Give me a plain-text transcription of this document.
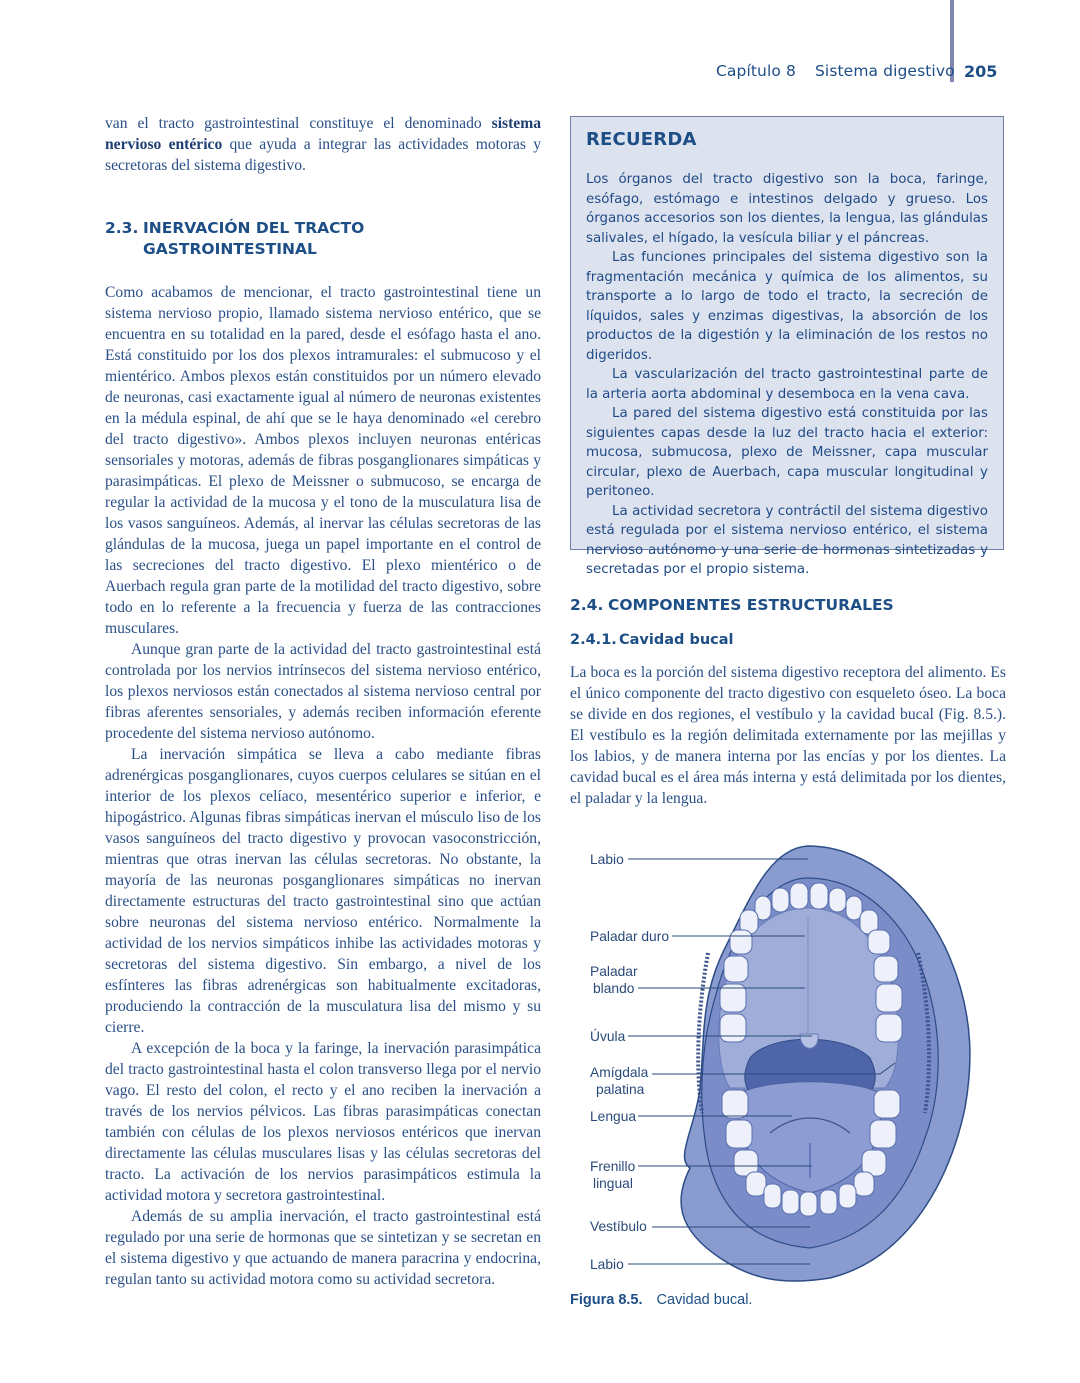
Capítulo 8 Sistema digestivo 205

van el tracto gastrointestinal constituye el denominado sistema nervioso entérico que ayuda a integrar las actividades motoras y secretoras del sistema digestivo.

2.3. INERVACIÓN DEL TRACTO
GASTROINTESTINAL
Como acabamos de mencionar, el tracto gastrointestinal tiene un sistema nervioso propio, llamado sistema nervioso entérico, que se encuentra en su totalidad en la pared, desde el esófago hasta el ano. Está constituido por los dos plexos intramurales: el submucoso y el mientérico. Ambos plexos están constituidos por un número elevado de neuronas, casi exactamente igual al número de neuronas existentes en la médula espinal, de ahí que se le haya denominado «el cerebro del tracto digestivo». Ambos plexos incluyen neuronas entéricas sensoriales y motoras, además de fibras posganglionares simpáticas y parasimpáticas. El plexo de Meissner o submucoso, se encarga de regular la actividad de la mucosa y el tono de la musculatura lisa de los vasos sanguíneos. Además, al inervar las células secretoras de las glándulas de la mucosa, juega un papel importante en el control de las secreciones del tracto digestivo. El plexo mientérico o de Auerbach regula gran parte de la motilidad del tracto digestivo, sobre todo en lo referente a la frecuencia y fuerza de las contracciones musculares.
Aunque gran parte de la actividad del tracto gastrointestinal está controlada por los nervios intrínsecos del sistema nervioso entérico, los plexos nerviosos están conectados al sistema nervioso central por fibras aferentes sensoriales, y además reciben información eferente procedente del sistema nervioso autónomo.
La inervación simpática se lleva a cabo mediante fibras adrenérgicas posganglionares, cuyos cuerpos celulares se sitúan en el interior de los plexos celíaco, mesentérico superior e inferior, e hipogástrico. Algunas fibras simpáticas inervan el músculo liso de los vasos sanguíneos del tracto digestivo y provocan vasoconstricción, mientras que otras inervan las células secretoras. No obstante, la mayoría de las neuronas posganglionares simpáticas no inervan directamente estructuras del tracto gastrointestinal sino que actúan sobre neuronas del sistema nervioso entérico. Normalmente la actividad de los nervios simpáticos inhibe las actividades motoras y secretoras del sistema digestivo. Sin embargo, a nivel de los esfínteres las fibras adrenérgicas son habitualmente excitadoras, produciendo la contracción de la musculatura lisa del mismo y su cierre.
A excepción de la boca y la faringe, la inervación parasimpática del tracto gastrointestinal hasta el colon transverso llega por el nervio vago. El resto del colon, el recto y el ano reciben la inervación a través de los nervios pélvicos. Las fibras parasimpáticas conectan también con células de los plexos nerviosos entéricos que inervan directamente las células musculares lisas y las células secretoras del tracto. La activación de los nervios parasimpáticos estimula la actividad motora y secretora gastrointestinal.
Además de su amplia inervación, el tracto gastrointestinal está regulado por una serie de hormonas que se sintetizan y se secretan en el sistema digestivo y que actuando de manera paracrina y endocrina, regulan tanto su actividad motora como su actividad secretora.
RECUERDA
Los órganos del tracto digestivo son la boca, faringe, esófago, estómago e intestinos delgado y grueso. Los órganos accesorios son los dientes, la lengua, las glándulas salivales, el hígado, la vesícula biliar y el páncreas.
Las funciones principales del sistema digestivo son la fragmentación mecánica y química de los alimentos, su transporte a lo largo de todo el tracto, la secreción de líquidos, sales y enzimas digestivas, la absorción de los productos de la digestión y la eliminación de los restos no digeridos.
La vascularización del tracto gastrointestinal parte de la arteria aorta abdominal y desemboca en la vena cava.
La pared del sistema digestivo está constituida por las siguientes capas desde la luz del tracto hacia el exterior: mucosa, submucosa, plexo de Meissner, capa muscular circular, plexo de Auerbach, capa muscular longitudinal y peritoneo.
La actividad secretora y contráctil del sistema digestivo está regulada por el sistema nervioso entérico, el sistema nervioso autónomo y una serie de hormonas sintetizadas y secretadas por el propio sistema.
2.4. COMPONENTES ESTRUCTURALES
2.4.1. Cavidad bucal

La boca es la porción del sistema digestivo receptora del alimento. Es el único componente del tracto digestivo con esqueleto óseo. La boca se divide en dos regiones, el vestíbulo y la cavidad bucal (Fig. 8.5.). El vestíbulo es la región delimitada externamente por las mejillas y los labios, y de manera interna por las encías y por los dientes. La cavidad bucal es el área más interna y está delimitada por los dientes, el paladar y la lengua.

Labio
Paladar duro
Paladar
blando
Úvula
Amígdala
palatina
Lengua
Frenillo
lingual
Vestíbulo
Labio
Figura 8.5. Cavidad bucal.
